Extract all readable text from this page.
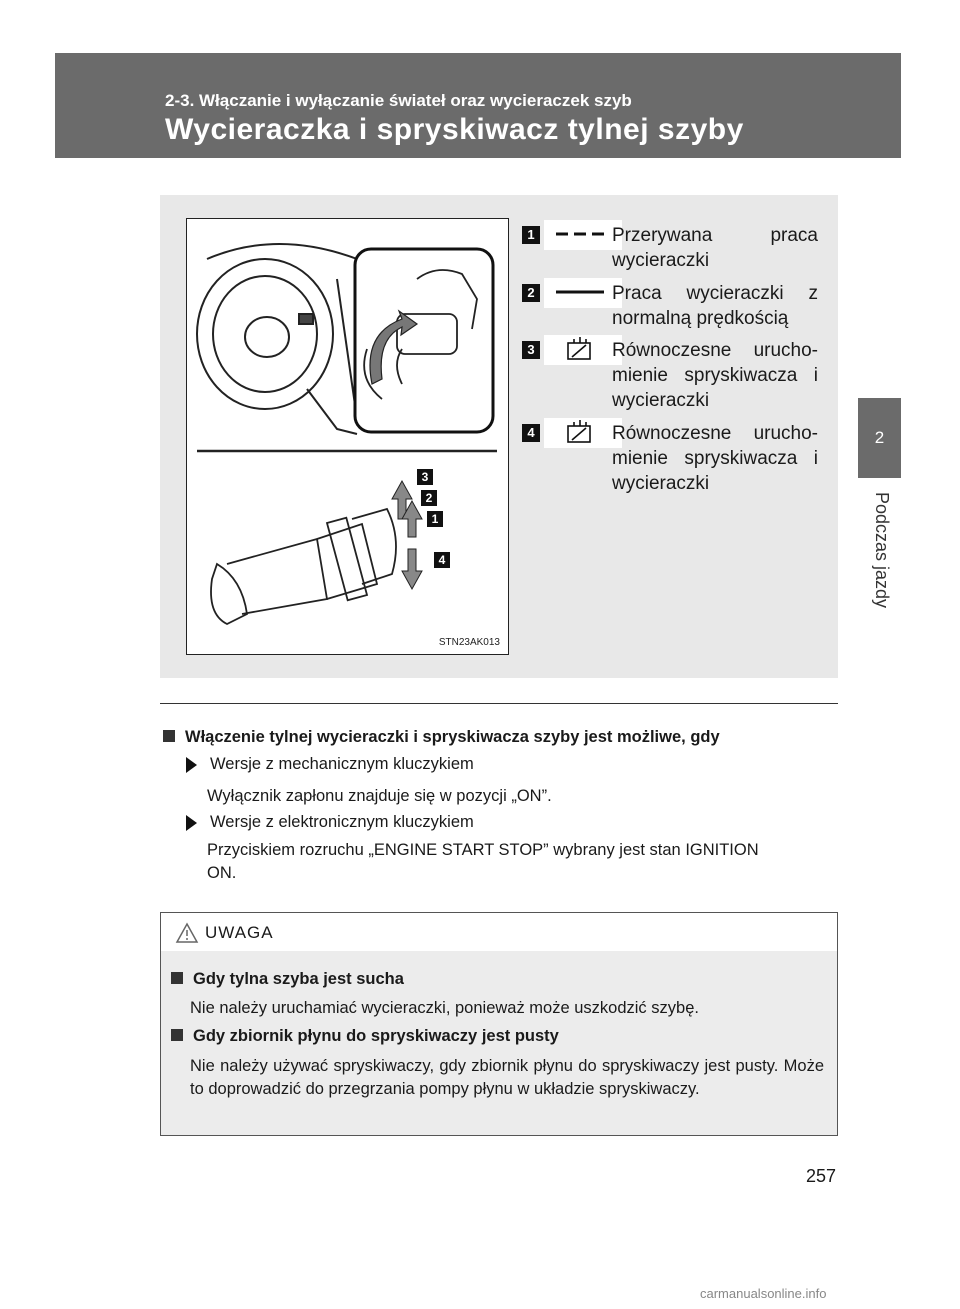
2-3. Włączanie i wyłączanie świateł oraz wycieraczek szyb
Wycieraczka i spryskiwacz tylnej szyby
2
Podczas jazdy
3
2
1
4
STN23AK013
1	Przerywana praca wycieraczki
2	Praca wycieraczki z normalną prędkością
3	Równoczesne urucho- mienie spryskiwacza i wycieraczki
4	Równoczesne urucho- mienie spryskiwacza i wycieraczki
Włączenie tylnej wycieraczki i spryskiwacza szyby jest możliwe, gdy
Wersje z mechanicznym kluczykiem
Wyłącznik zapłonu znajduje się w pozycji „ON”.
Wersje z elektronicznym kluczykiem
Przyciskiem rozruchu „ENGINE START STOP” wybrany jest stan IGNITION
ON.
UWAGA
Gdy tylna szyba jest sucha
Nie należy uruchamiać wycieraczki, ponieważ może uszkodzić szybę.
Gdy zbiornik płynu do spryskiwaczy jest pusty
Nie należy używać spryskiwaczy, gdy zbiornik płynu do spryskiwaczy jest pusty. Może to doprowadzić do przegrzania pompy płynu w układzie spryskiwaczy.
257
carmanualsonline.info
